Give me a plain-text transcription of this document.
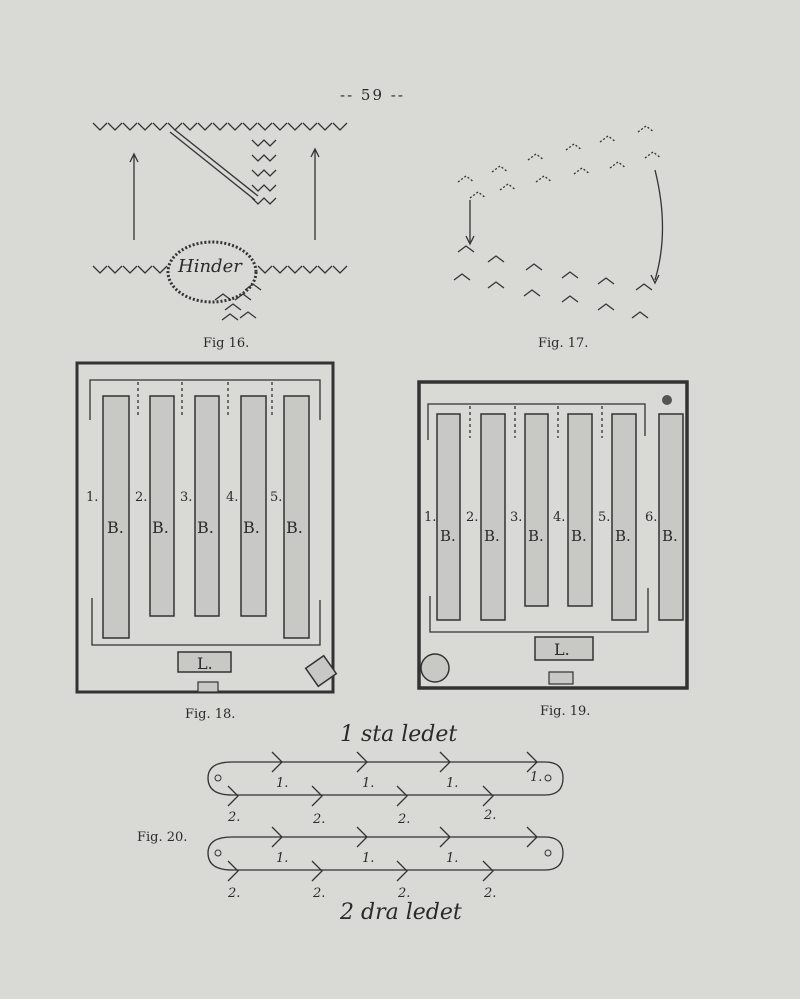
-- 59 --
Fig 16.
Hinder
Fig. 17.
1.	2.	3.	4. 5.
B. B. B. B. B.
L.
Fig. 18.
1. 2. 3. 4.	5.	6.
B. B. B. B. B. B.
L.
Fig. 19.
1 sta ledet
2 dra ledet
Fig. 20.
1.	1.	1.	1.
2.	2.	2.	2.
1.	1.	1.
2.	2.	2.	2.
